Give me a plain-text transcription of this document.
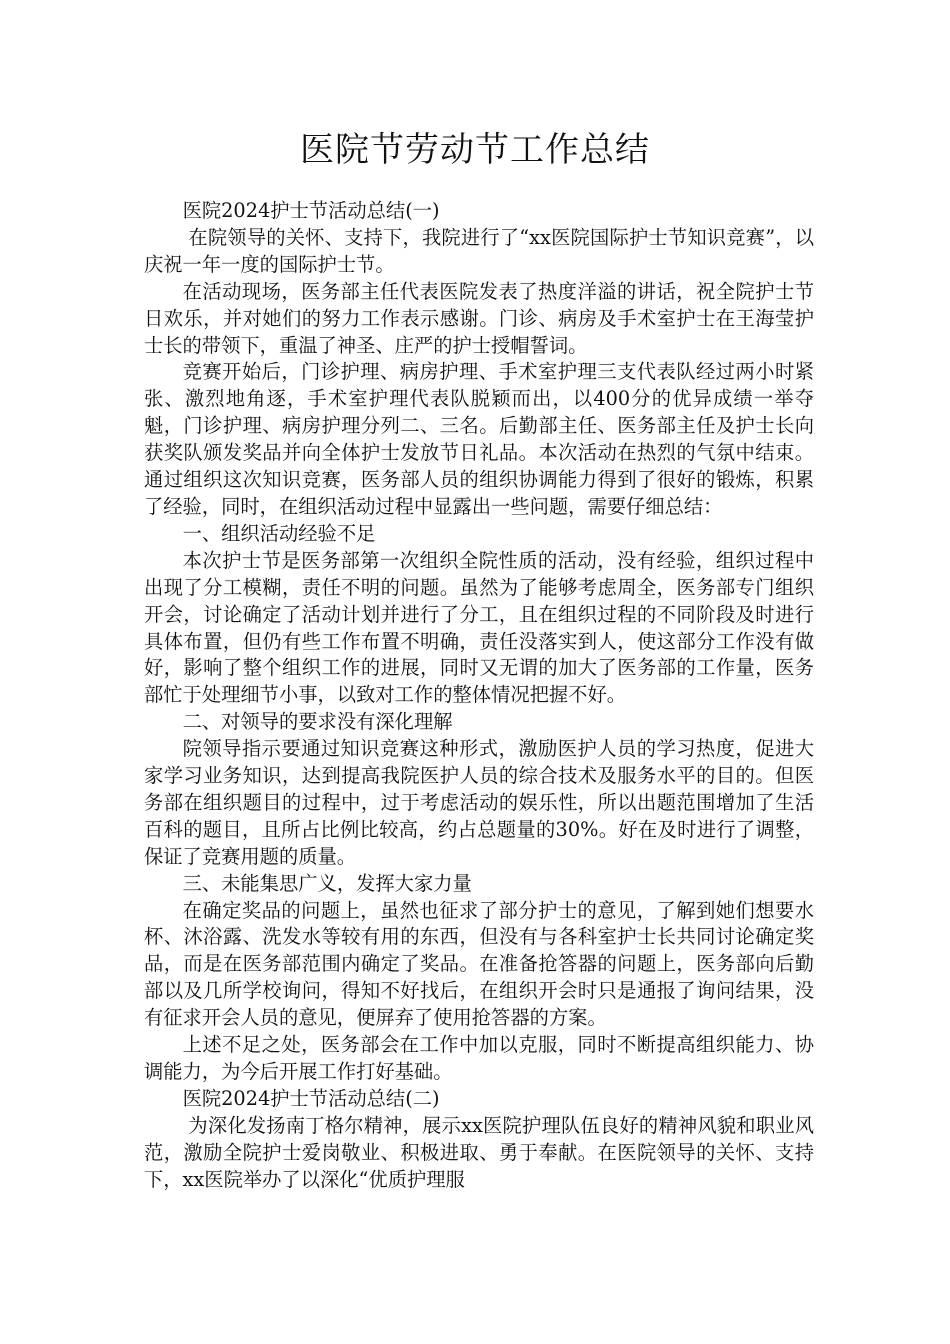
医院节劳动节工作总结

医院2024护士节活动总结(一)

在院领导的关怀、支持下，我院进行了“xx医院国际护士节知识竞赛”，以庆祝一年一度的国际护士节。

在活动现场，医务部主任代表医院发表了热度洋溢的讲话，祝全院护士节日欢乐，并对她们的努力工作表示感谢。门诊、病房及手术室护士在王海莹护士长的带领下，重温了神圣、庄严的护士授帽誓词。

竞赛开始后，门诊护理、病房护理、手术室护理三支代表队经过两小时紧张、激烈地角逐，手术室护理代表队脱颖而出，以400分的优异成绩一举夺魁，门诊护理、病房护理分列二、三名。后勤部主任、医务部主任及护士长向获奖队颁发奖品并向全体护士发放节日礼品。本次活动在热烈的气氛中结束。 通过组织这次知识竞赛，医务部人员的组织协调能力得到了很好的锻炼，积累了经验，同时，在组织活动过程中显露出一些问题，需要仔细总结：

一、组织活动经验不足

本次护士节是医务部第一次组织全院性质的活动，没有经验，组织过程中出现了分工模糊，责任不明的问题。虽然为了能够考虑周全，医务部专门组织开会，讨论确定了活动计划并进行了分工，且在组织过程的不同阶段及时进行具体布置，但仍有些工作布置不明确，责任没落实到人，使这部分工作没有做好，影响了整个组织工作的进展，同时又无谓的加大了医务部的工作量，医务部忙于处理细节小事，以致对工作的整体情况把握不好。

二、对领导的要求没有深化理解

院领导指示要通过知识竞赛这种形式，激励医护人员的学习热度，促进大家学习业务知识，达到提高我院医护人员的综合技术及服务水平的目的。但医务部在组织题目的过程中，过于考虑活动的娱乐性，所以出题范围增加了生活百科的题目，且所占比例比较高，约占总题量的30%。好在及时进行了调整，保证了竞赛用题的质量。

三、未能集思广义，发挥大家力量

在确定奖品的问题上，虽然也征求了部分护士的意见，了解到她们想要水杯、沐浴露、洗发水等较有用的东西，但没有与各科室护士长共同讨论确定奖品，而是在医务部范围内确定了奖品。在准备抢答器的问题上，医务部向后勤部以及几所学校询问，得知不好找后，在组织开会时只是通报了询问结果，没有征求开会人员的意见，便屏弃了使用抢答器的方案。

上述不足之处，医务部会在工作中加以克服，同时不断提高组织能力、协调能力，为今后开展工作打好基础。

医院2024护士节活动总结(二)

为深化发扬南丁格尔精神，展示xx医院护理队伍良好的精神风貌和职业风范，激励全院护士爱岗敬业、积极进取、勇于奉献。在医院领导的关怀、支持下，xx医院举办了以深化“优质护理服
